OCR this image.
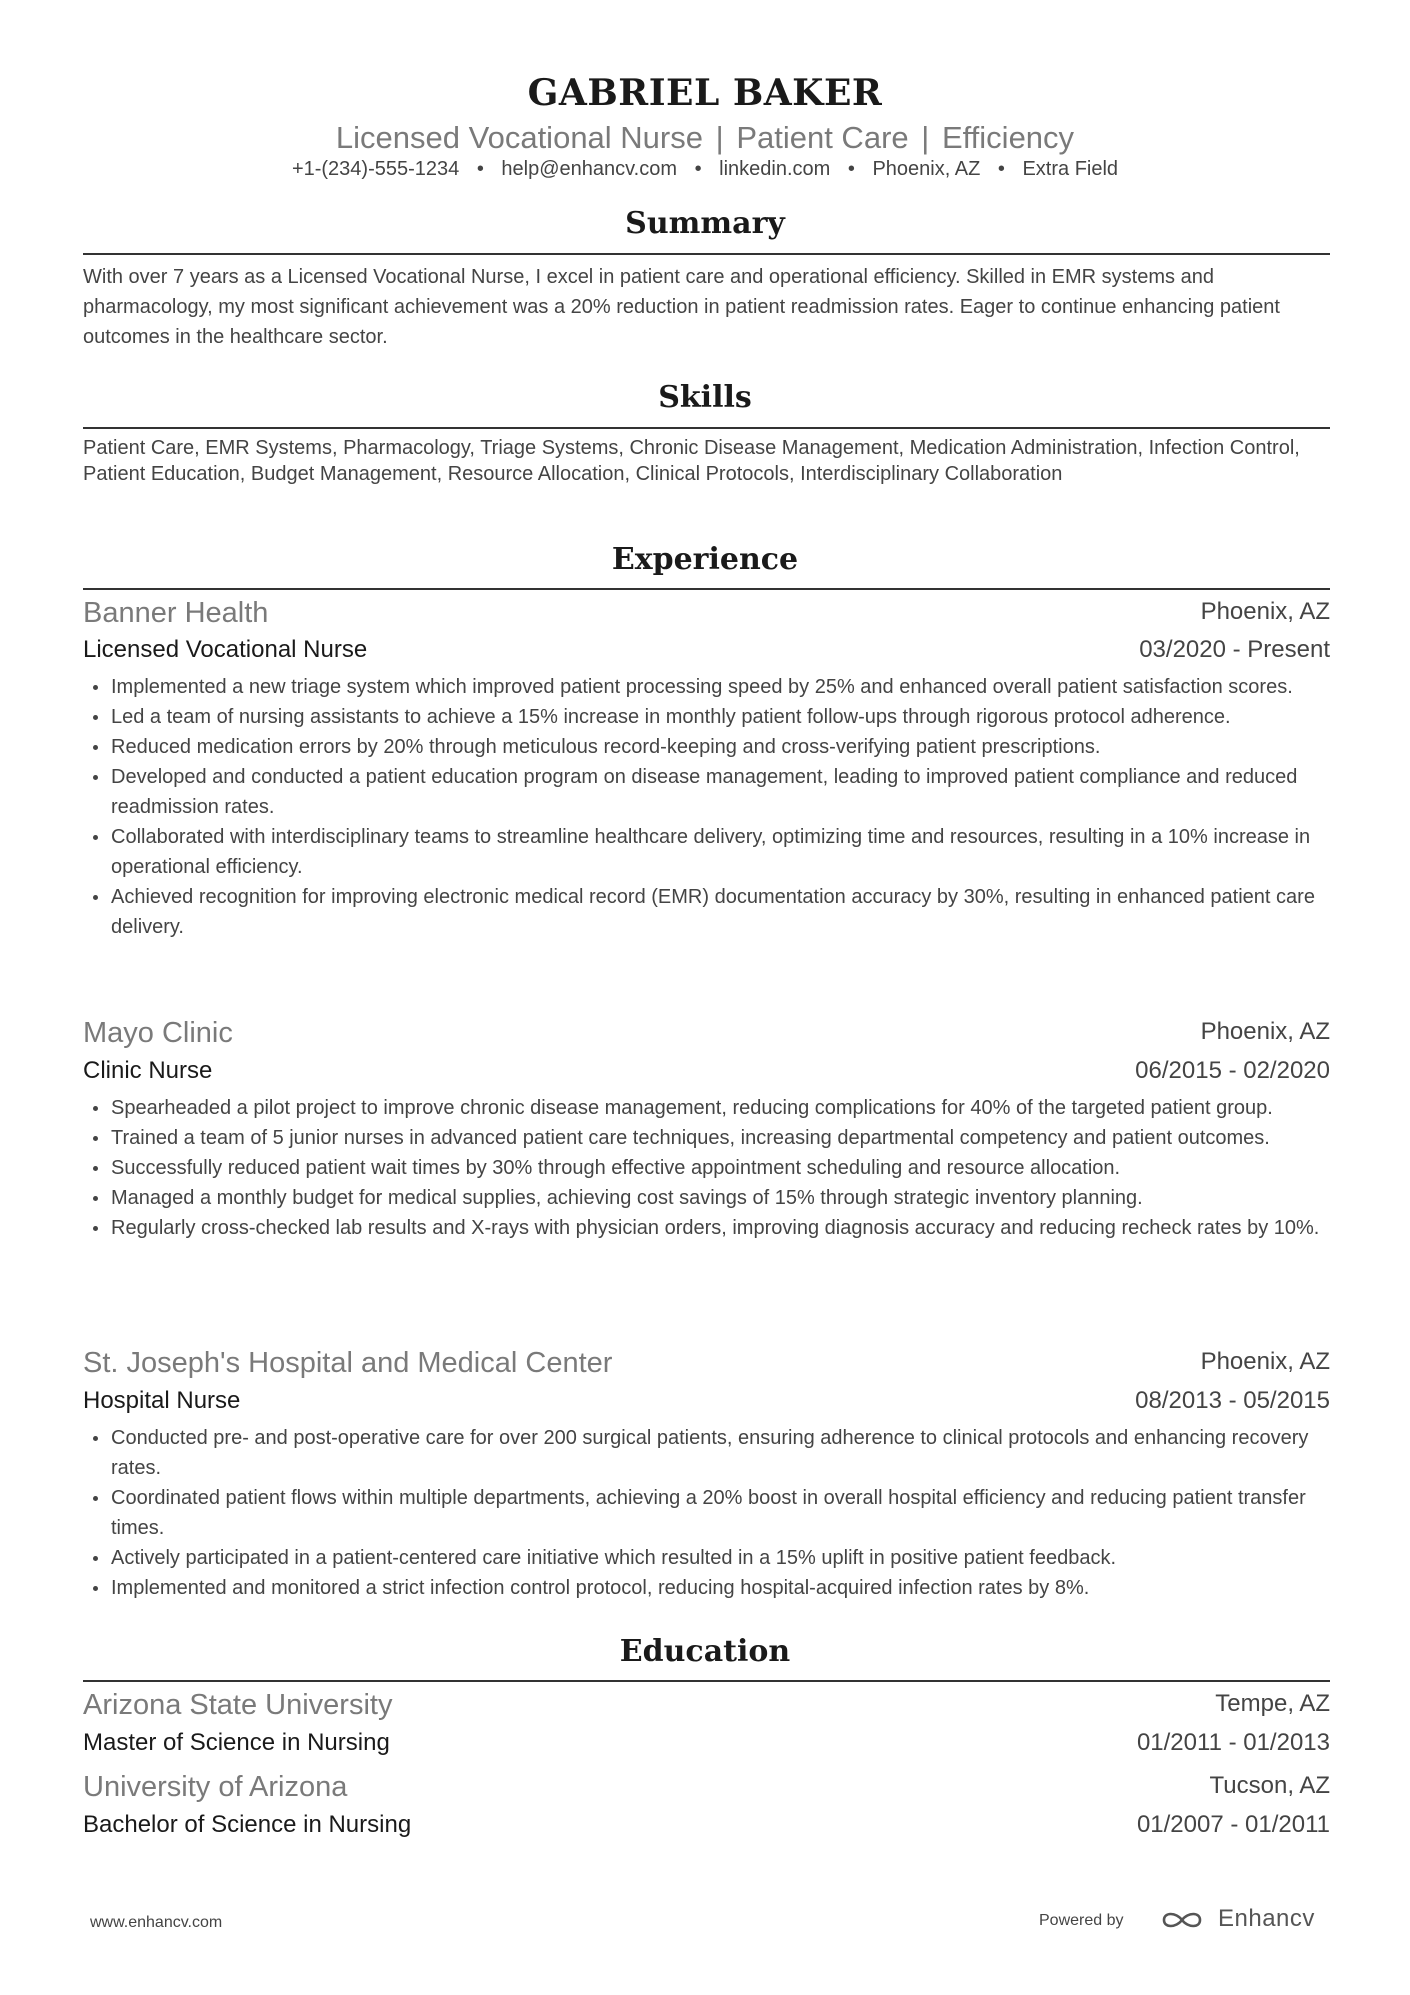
GABRIEL BAKER
Licensed Vocational Nurse | Patient Care | Efficiency
+1-(234)-555-1234 • help@enhancv.com • linkedin.com • Phoenix, AZ • Extra Field
Summary
With over 7 years as a Licensed Vocational Nurse, I excel in patient care and operational efficiency. Skilled in EMR systems and pharmacology, my most significant achievement was a 20% reduction in patient readmission rates. Eager to continue enhancing patient outcomes in the healthcare sector.
Skills
Patient Care, EMR Systems, Pharmacology, Triage Systems, Chronic Disease Management, Medication Administration, Infection Control, Patient Education, Budget Management, Resource Allocation, Clinical Protocols, Interdisciplinary Collaboration
Experience
Banner Health	Phoenix, AZ
Licensed Vocational Nurse	03/2020 - Present
Implemented a new triage system which improved patient processing speed by 25% and enhanced overall patient satisfaction scores.
Led a team of nursing assistants to achieve a 15% increase in monthly patient follow-ups through rigorous protocol adherence.
Reduced medication errors by 20% through meticulous record-keeping and cross-verifying patient prescriptions.
Developed and conducted a patient education program on disease management, leading to improved patient compliance and reduced readmission rates.
Collaborated with interdisciplinary teams to streamline healthcare delivery, optimizing time and resources, resulting in a 10% increase in operational efficiency.
Achieved recognition for improving electronic medical record (EMR) documentation accuracy by 30%, resulting in enhanced patient care delivery.
Mayo Clinic	Phoenix, AZ
Clinic Nurse	06/2015 - 02/2020
Spearheaded a pilot project to improve chronic disease management, reducing complications for 40% of the targeted patient group.
Trained a team of 5 junior nurses in advanced patient care techniques, increasing departmental competency and patient outcomes.
Successfully reduced patient wait times by 30% through effective appointment scheduling and resource allocation.
Managed a monthly budget for medical supplies, achieving cost savings of 15% through strategic inventory planning.
Regularly cross-checked lab results and X-rays with physician orders, improving diagnosis accuracy and reducing recheck rates by 10%.
St. Joseph's Hospital and Medical Center	Phoenix, AZ
Hospital Nurse	08/2013 - 05/2015
Conducted pre- and post-operative care for over 200 surgical patients, ensuring adherence to clinical protocols and enhancing recovery rates.
Coordinated patient flows within multiple departments, achieving a 20% boost in overall hospital efficiency and reducing patient transfer times.
Actively participated in a patient-centered care initiative which resulted in a 15% uplift in positive patient feedback.
Implemented and monitored a strict infection control protocol, reducing hospital-acquired infection rates by 8%.
Education
Arizona State University	Tempe, AZ
Master of Science in Nursing	01/2011 - 01/2013
University of Arizona	Tucson, AZ
Bachelor of Science in Nursing	01/2007 - 01/2011
www.enhancv.com	Powered by	Enhancv
